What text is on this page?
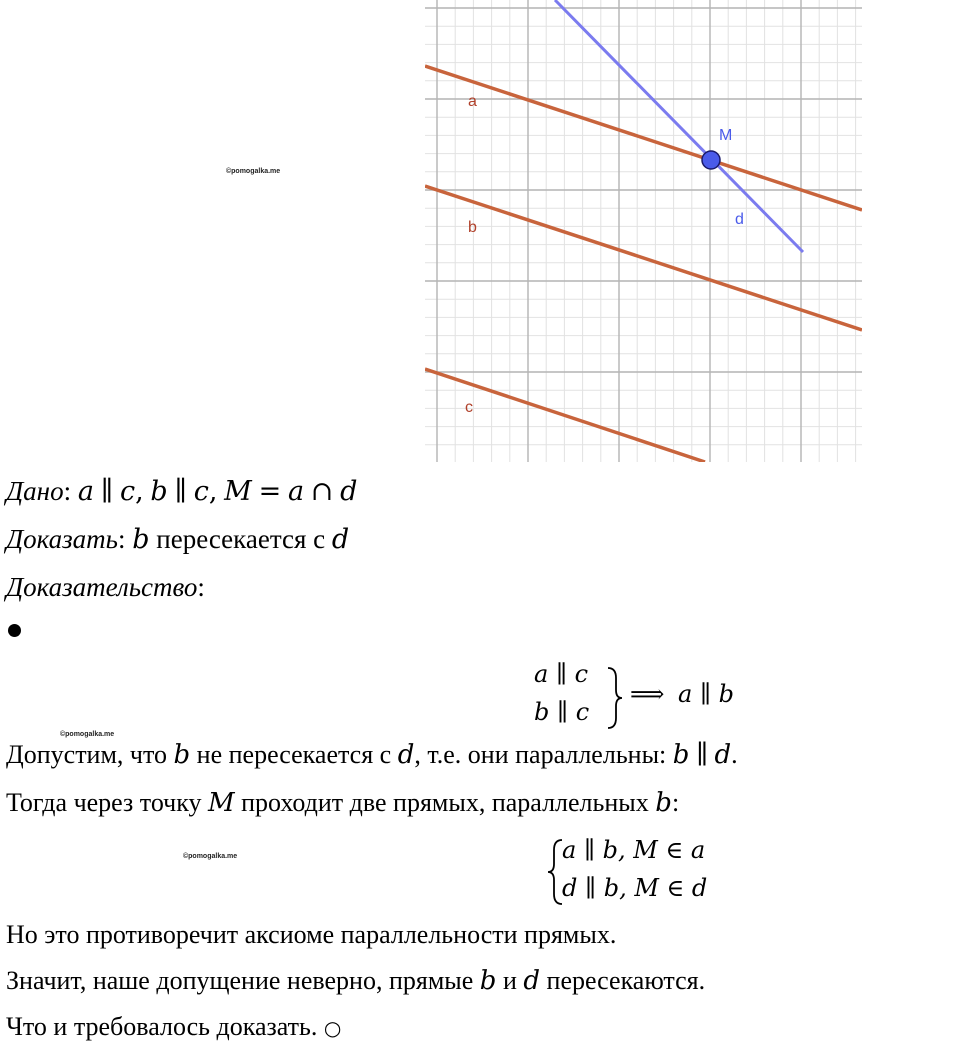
©pomogalka.me
©pomogalka.me
©pomogalka.me
a
b
c
d
M
Дано: a ∥ c, b ∥ c, M = a ∩ d
Доказать: b пересекается с d
Доказательство:
a ∥ c
b ∥ c
⟹ a ∥ b
Допустим, что b не пересекается с d, т.е. они параллельны: b ∥ d.
Тогда через точку M проходит две прямых, параллельных b:
a ∥ b, M ∈ a
d ∥ b, M ∈ d
Но это противоречит аксиоме параллельности прямых.
Значит, наше допущение неверно, прямые b и d пересекаются.
Что и требовалось доказать. ○
